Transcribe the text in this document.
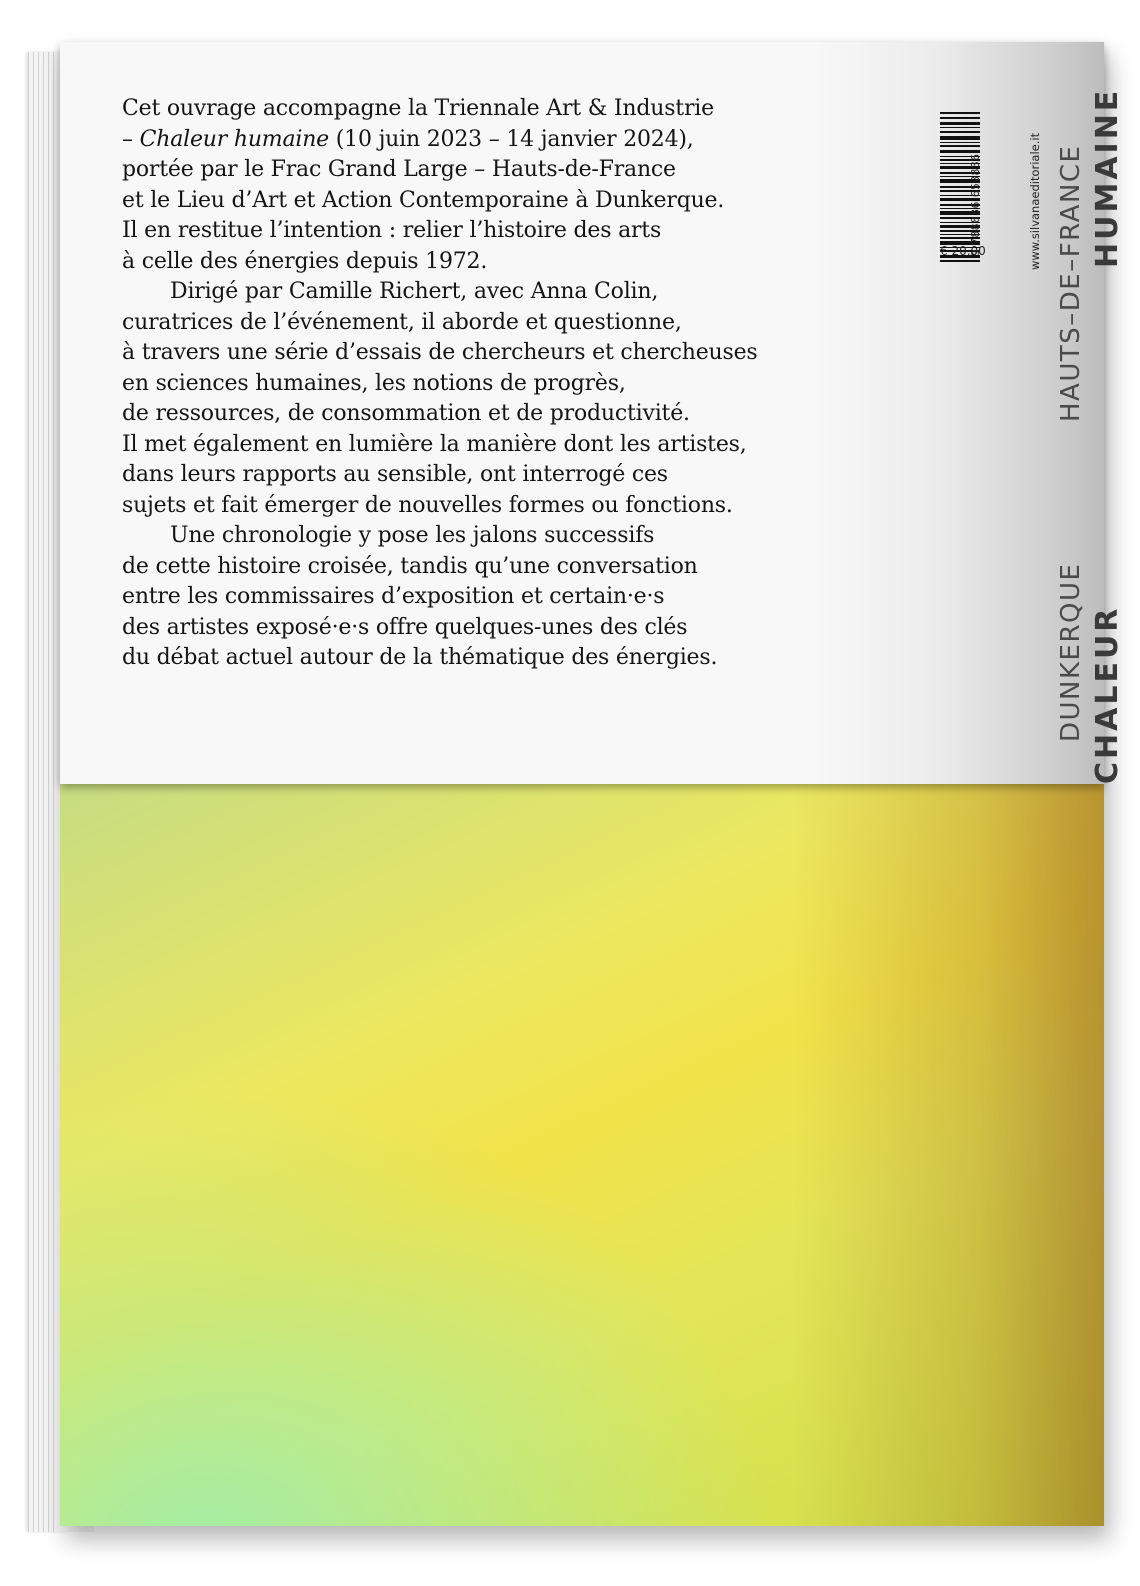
Cet ouvrage accompagne la Triennale Art & Industrie
– Chaleur humaine (10 juin 2023 – 14 janvier 2024),
portée par le Frac Grand Large – Hauts-de-France
et le Lieu d’Art et Action Contemporaine à Dunkerque.
Il en restitue l’intention : relier l’histoire des arts
à celle des énergies depuis 1972.
Dirigé par Camille Richert, avec Anna Colin,
curatrices de l’événement, il aborde et questionne,
à travers une série d’essais de chercheurs et chercheuses
en sciences humaines, les notions de progrès,
de ressources, de consommation et de productivité.
Il met également en lumière la manière dont les artistes,
dans leurs rapports au sensible, ont interrogé ces
sujets et fait émerger de nouvelles formes ou fonctions.
Une chronologie y pose les jalons successifs
de cette histoire croisée, tandis qu’une conversation
entre les commissaires d’exposition et certain·e·s
des artistes exposé·e·s offre quelques-unes des clés
du débat actuel autour de la thématique des énergies.
9 788836 653836
€ 20,00	www.silvanaeditoriale.it HAUTS–DE–FRANCE
DUNKERQUE
HUMAINE
CHALEUR
